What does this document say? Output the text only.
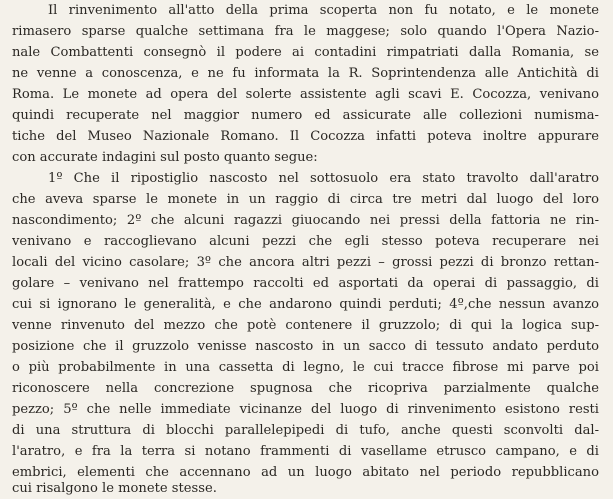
Il rinvenimento all'atto della prima scoperta non fu notato, e le monete
rimasero sparse qualche settimana fra le maggese; solo quando l'Opera Nazio-
nale Combattenti consegnò il podere ai contadini rimpatriati dalla Romania, se
ne venne a conoscenza, e ne fu informata la R. Soprintendenza alle Antichità di
Roma. Le monete ad opera del solerte assistente agli scavi E. Cocozza, venivano
quindi recuperate nel maggior numero ed assicurate alle collezioni numisma-
tiche del Museo Nazionale Romano. Il Cocozza infatti poteva inoltre appurare
con accurate indagini sul posto quanto segue:
1º Che il ripostiglio nascosto nel sottosuolo era stato travolto dall'aratro
che aveva sparse le monete in un raggio di circa tre metri dal luogo del loro
nascondimento; 2º che alcuni ragazzi giuocando nei pressi della fattoria ne rin-
venivano e raccoglievano alcuni pezzi che egli stesso poteva recuperare nei
locali del vicino casolare; 3º che ancora altri pezzi – grossi pezzi di bronzo rettan-
golare – venivano nel frattempo raccolti ed asportati da operai di passaggio, di
cui si ignorano le generalità, e che andarono quindi perduti; 4º,che nessun avanzo
venne rinvenuto del mezzo che potè contenere il gruzzolo; di qui la logica sup-
posizione che il gruzzolo venisse nascosto in un sacco di tessuto andato perduto
o più probabilmente in una cassetta di legno, le cui tracce fibrose mi parve poi
riconoscere nella concrezione spugnosa che ricopriva parzialmente qualche
pezzo; 5º che nelle immediate vicinanze del luogo di rinvenimento esistono resti
di una struttura di blocchi parallelepipedi di tufo, anche questi sconvolti dal-
l'aratro, e fra la terra si notano frammenti di vasellame etrusco campano, e di
embrici, elementi che accennano ad un luogo abitato nel periodo repubblicano
cui risalgono le monete stesse.
